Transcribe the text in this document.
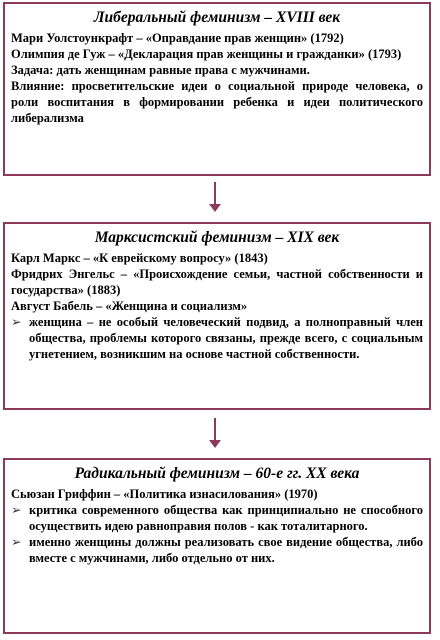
Либеральный феминизм – XVIII век

Мари Уолстоункрафт – «Оправдание прав женщин» (1792)

Олимпия де Гуж – «Декларация прав женщины и гражданки» (1793)

Задача: дать женщинам равные права с мужчинами.

Влияние: просветительские идеи о социальной природе человека, о роли воспитания в формировании ребенка и идеи политического либерализма

Марксистский феминизм – XIX век

Карл Маркс – «К еврейскому вопросу» (1843)

Фридрих Энгельс – «Происхождение семьи, частной собственности и государства» (1883)

Август Бабель – «Женщина и социализм»

➢ женщина – не особый человеческий подвид, а полноправный член общества, проблемы которого связаны, прежде всего, с социальным угнетением, возникшим на основе частной собственности.

Радикальный феминизм – 60-е гг. XX века

Сьюзан Гриффин – «Политика изнасилования» (1970)

➢ критика современного общества как принципиально не способного осуществить идею равноправия полов - как тоталитарного.
➢ именно женщины должны реализовать свое видение общества, либо вместе с мужчинами, либо отдельно от них.
